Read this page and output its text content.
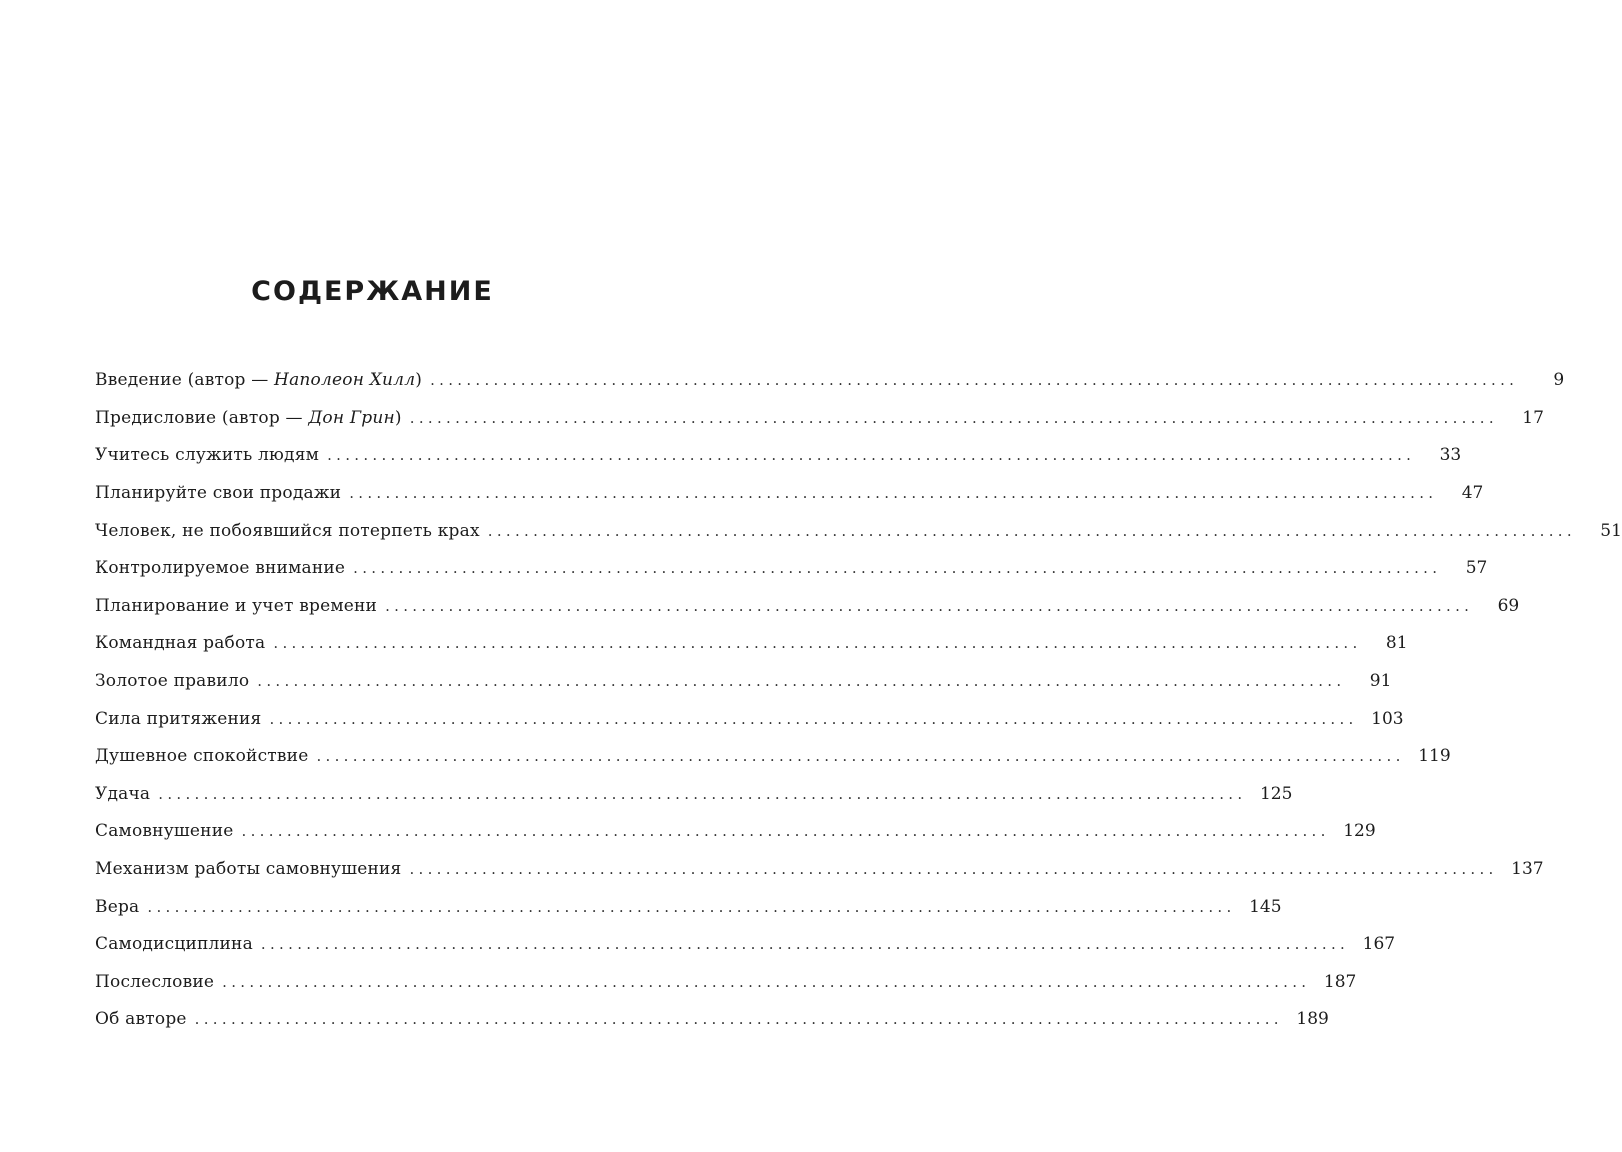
СОДЕРЖАНИЕ
Введение (автор — Наполеон Хилл) ........................................................................................................................	9
Предисловие (автор — Дон Грин) ........................................................................................................................	17
Учитесь служить людям ........................................................................................................................	33
Планируйте свои продажи ........................................................................................................................	47
Человек, не побоявшийся потерпеть крах ........................................................................................................................	51
Контролируемое внимание ........................................................................................................................	57
Планирование и учет времени ........................................................................................................................	69
Командная работа ........................................................................................................................	81
Золотое правило ........................................................................................................................	91
Сила притяжения ........................................................................................................................ 103
Душевное спокойствие ........................................................................................................................ 119
Удача ........................................................................................................................ 125
Самовнушение ........................................................................................................................ 129
Механизм работы самовнушения ........................................................................................................................ 137
Вера ........................................................................................................................ 145
Самодисциплина ........................................................................................................................ 167
Послесловие ........................................................................................................................ 187
Об авторе ........................................................................................................................ 189
